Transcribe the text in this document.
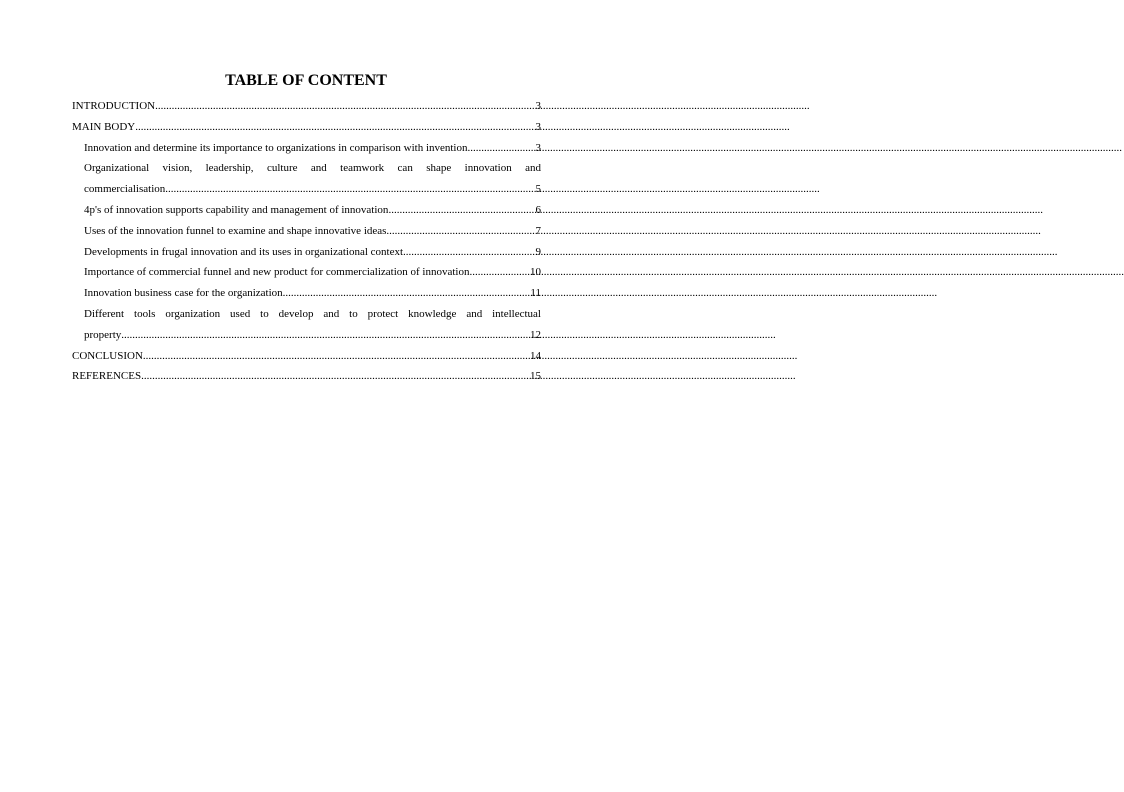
TABLE OF CONTENT
INTRODUCTION .....	3
MAIN BODY .....	3
Innovation and determine its importance to organizations in comparison with invention .....	3
Organizational vision, leadership, culture and teamwork can shape innovation and
commercialisation .....	5
4p's of innovation supports capability and management of innovation .....	6
Uses of the innovation funnel to examine and shape innovative ideas .....	7
Developments in frugal innovation and its uses in organizational context .....	9
Importance of commercial funnel and new product for commercialization of innovation .....	10
Innovation business case for the organization .....	11
Different tools organization used to develop and to protect knowledge and intellectual
property .....	12
CONCLUSION .....	14
REFERENCES .....	15
